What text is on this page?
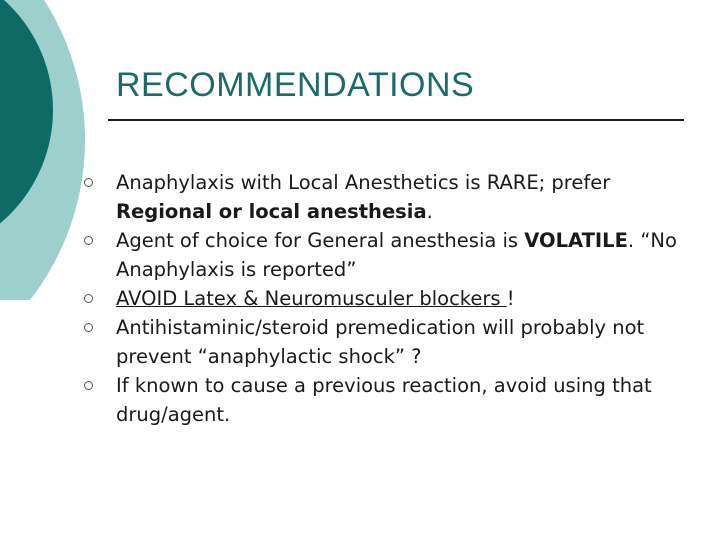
RECOMMENDATIONS
Anaphylaxis with Local Anesthetics is RARE; prefer Regional or local anesthesia.
Agent of choice for General anesthesia is VOLATILE. “No Anaphylaxis is reported”
AVOID Latex & Neuromusculer blockers !
Antihistaminic/steroid premedication will probably not prevent “anaphylactic shock” ?
If known to cause a previous reaction, avoid using that drug/agent.
